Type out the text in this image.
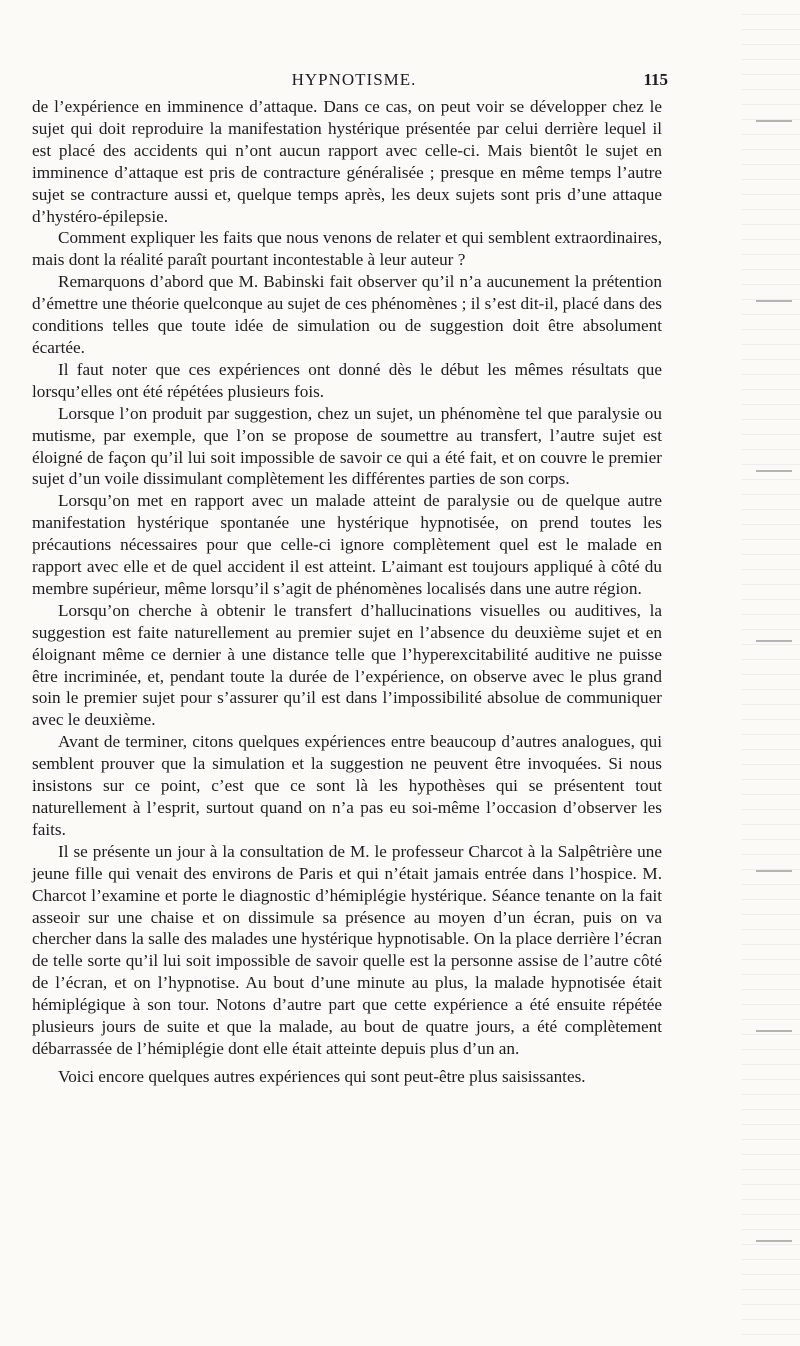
HYPNOTISME.	115

de l’expérience en imminence d’attaque. Dans ce cas, on peut voir se développer chez le sujet qui doit reproduire la manifestation hystérique présentée par celui derrière lequel il est placé des accidents qui n’ont aucun rapport avec celle-ci. Mais bientôt le sujet en imminence d’attaque est pris de contracture généralisée ; presque en même temps l’autre sujet se contracture aussi et, quelque temps après, les deux sujets sont pris d’une attaque d’hystéro-épilepsie.

Comment expliquer les faits que nous venons de relater et qui semblent extraordinaires, mais dont la réalité paraît pourtant incontestable à leur auteur ?

Remarquons d’abord que M. Babinski fait observer qu’il n’a aucunement la prétention d’émettre une théorie quelconque au sujet de ces phénomènes ; il s’est dit-il, placé dans des conditions telles que toute idée de simulation ou de suggestion doit être absolument écartée.

Il faut noter que ces expériences ont donné dès le début les mêmes résultats que lorsqu’elles ont été répétées plusieurs fois.

Lorsque l’on produit par suggestion, chez un sujet, un phénomène tel que paralysie ou mutisme, par exemple, que l’on se propose de soumettre au transfert, l’autre sujet est éloigné de façon qu’il lui soit impossible de savoir ce qui a été fait, et on couvre le premier sujet d’un voile dissimulant complètement les différentes parties de son corps.

Lorsqu’on met en rapport avec un malade atteint de paralysie ou de quelque autre manifestation hystérique spontanée une hystérique hypnotisée, on prend toutes les précautions nécessaires pour que celle-ci ignore complètement quel est le malade en rapport avec elle et de quel accident il est atteint. L’aimant est toujours appliqué à côté du membre supérieur, même lorsqu’il s’agit de phénomènes localisés dans une autre région.

Lorsqu’on cherche à obtenir le transfert d’hallucinations visuelles ou auditives, la suggestion est faite naturellement au premier sujet en l’absence du deuxième sujet et en éloignant même ce dernier à une distance telle que l’hyperexcitabilité auditive ne puisse être incriminée, et, pendant toute la durée de l’expérience, on observe avec le plus grand soin le premier sujet pour s’assurer qu’il est dans l’impossibilité absolue de communiquer avec le deuxième.

Avant de terminer, citons quelques expériences entre beaucoup d’autres analogues, qui semblent prouver que la simulation et la suggestion ne peuvent être invoquées. Si nous insistons sur ce point, c’est que ce sont là les hypothèses qui se présentent tout naturellement à l’esprit, surtout quand on n’a pas eu soi-même l’occasion d’observer les faits.

Il se présente un jour à la consultation de M. le professeur Charcot à la Salpêtrière une jeune fille qui venait des environs de Paris et qui n’était jamais entrée dans l’hospice. M. Charcot l’examine et porte le diagnostic d’hémiplégie hystérique. Séance tenante on la fait asseoir sur une chaise et on dissimule sa présence au moyen d’un écran, puis on va chercher dans la salle des malades une hystérique hypnotisable. On la place derrière l’écran de telle sorte qu’il lui soit impossible de savoir quelle est la personne assise de l’autre côté de l’écran, et on l’hypnotise. Au bout d’une minute au plus, la malade hypnotisée était hémiplégique à son tour. Notons d’autre part que cette expérience a été ensuite répétée plusieurs jours de suite et que la malade, au bout de quatre jours, a été complètement débarrassée de l’hémiplégie dont elle était atteinte depuis plus d’un an.

Voici encore quelques autres expériences qui sont peut-être plus saisissantes.
